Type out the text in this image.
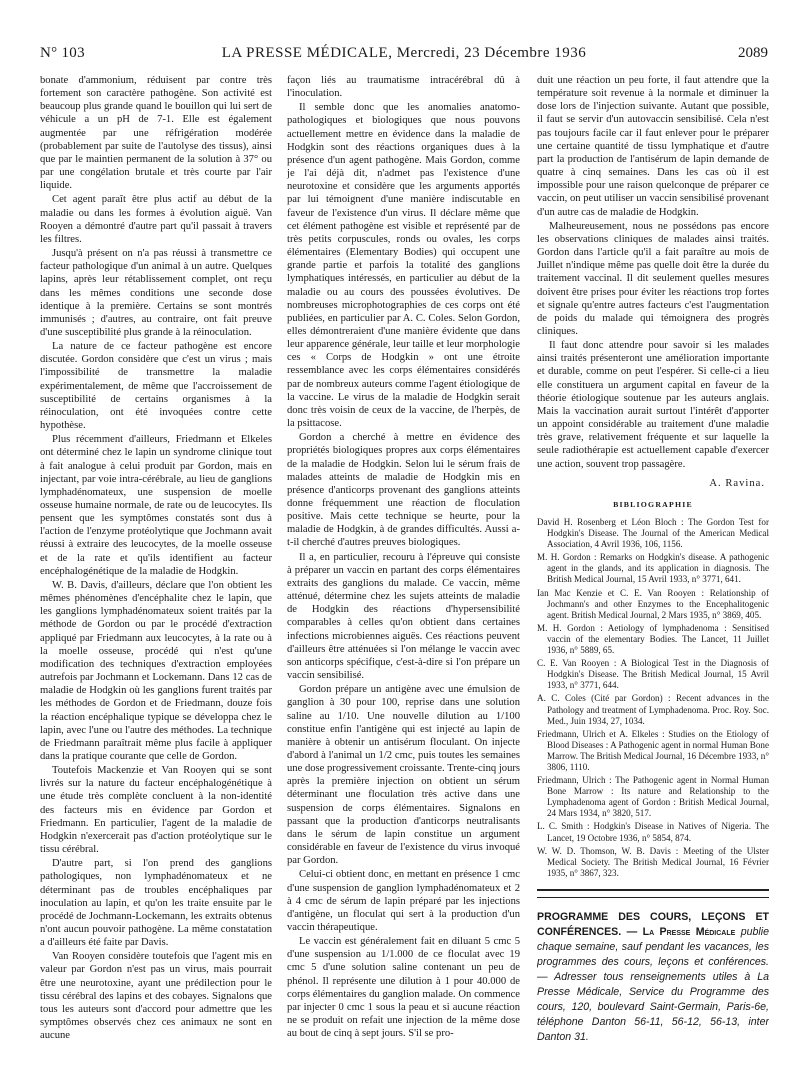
N° 103	LA PRESSE MÉDICALE, Mercredi, 23 Décembre 1936	2089

bonate d'ammonium, réduisent par contre très fortement son caractère pathogène. Son activité est beaucoup plus grande quand le bouillon qui lui sert de véhicule a un pH de 7-1. Elle est également augmentée par une réfrigération modérée (probablement par suite de l'autolyse des tissus), ainsi que par le maintien permanent de la solution à 37° ou par une congélation brutale et très courte par l'air liquide.

Cet agent paraît être plus actif au début de la maladie ou dans les formes à évolution aiguë. Van Rooyen a démontré d'autre part qu'il passait à travers les filtres.

Jusqu'à présent on n'a pas réussi à transmettre ce facteur pathologique d'un animal à un autre. Quelques lapins, après leur rétablissement complet, ont reçu dans les mêmes conditions une seconde dose identique à la première. Certains se sont montrés immunisés ; d'autres, au contraire, ont fait preuve d'une susceptibilité plus grande à la réinoculation.

La nature de ce facteur pathogène est encore discutée. Gordon considère que c'est un virus ; mais l'impossibilité de transmettre la maladie expérimentalement, de même que l'accroissement de susceptibilité de certains organismes à la réinoculation, ont été invoquées contre cette hypothèse.

Plus récemment d'ailleurs, Friedmann et Elkeles ont déterminé chez le lapin un syndrome clinique tout à fait analogue à celui produit par Gordon, mais en injectant, par voie intra-cérébrale, au lieu de ganglions lymphadénomateux, une suspension de moelle osseuse humaine normale, de rate ou de leucocytes. Ils pensent que les symptômes constatés sont dus à l'action de l'enzyme protéolytique que Jochmann avait réussi à extraire des leucocytes, de la moelle osseuse et de la rate et qu'ils identifient au facteur encéphalogénétique de la maladie de Hodgkin.

W. B. Davis, d'ailleurs, déclare que l'on obtient les mêmes phénomènes d'encéphalite chez le lapin, que les ganglions lymphadénomateux soient traités par la méthode de Gordon ou par le procédé d'extraction appliqué par Friedmann aux leucocytes, à la rate ou à la moelle osseuse, procédé qui n'est qu'une modification des techniques d'extraction employées autrefois par Jochmann et Lockemann. Dans 12 cas de maladie de Hodgkin où les ganglions furent traités par les méthodes de Gordon et de Friedmann, douze fois la réaction encéphalique typique se développa chez le lapin, avec l'une ou l'autre des méthodes. La technique de Friedmann paraîtrait même plus facile à appliquer dans la pratique courante que celle de Gordon.

Toutefois Mackenzie et Van Rooyen qui se sont livrés sur la nature du facteur encéphalogénétique à une étude très complète concluent à la non-identité des facteurs mis en évidence par Gordon et Friedmann. En particulier, l'agent de la maladie de Hodgkin n'exercerait pas d'action protéolytique sur le tissu cérébral.

D'autre part, si l'on prend des ganglions pathologiques, non lymphadénomateux et ne déterminant pas de troubles encéphaliques par inoculation au lapin, et qu'on les traite ensuite par le procédé de Jochmann-Lockemann, les extraits obtenus n'ont aucun pouvoir pathogène. La même constatation a d'ailleurs été faite par Davis.

Van Rooyen considère toutefois que l'agent mis en valeur par Gordon n'est pas un virus, mais pourrait être une neurotoxine, ayant une prédilection pour le tissu cérébral des lapins et des cobayes. Signalons que tous les auteurs sont d'accord pour admettre que les symptômes observés chez ces animaux ne sont en aucune

façon liés au traumatisme intracérébral dû à l'inoculation.

Il semble donc que les anomalies anatomo-pathologiques et biologiques que nous pouvons actuellement mettre en évidence dans la maladie de Hodgkin sont des réactions organiques dues à la présence d'un agent pathogène. Mais Gordon, comme je l'ai déjà dit, n'admet pas l'existence d'une neurotoxine et considère que les arguments apportés par lui témoignent d'une manière indiscutable en faveur de l'existence d'un virus. Il déclare même que cet élément pathogène est visible et représenté par de très petits corpuscules, ronds ou ovales, les corps élémentaires (Elementary Bodies) qui occupent une grande partie et parfois la totalité des ganglions lymphatiques intéressés, en particulier au début de la maladie ou au cours des poussées évolutives. De nombreuses microphotographies de ces corps ont été publiées, en particulier par A. C. Coles. Selon Gordon, elles démontreraient d'une manière évidente que dans leur apparence générale, leur taille et leur morphologie ces « Corps de Hodgkin » ont une étroite ressemblance avec les corps élémentaires considérés par de nombreux auteurs comme l'agent étiologique de la vaccine. Le virus de la maladie de Hodgkin serait donc très voisin de ceux de la vaccine, de l'herpès, de la psittacose.

Gordon a cherché à mettre en évidence des propriétés biologiques propres aux corps élémentaires de la maladie de Hodgkin. Selon lui le sérum frais de malades atteints de maladie de Hodgkin mis en présence d'anticorps provenant des ganglions atteints donne fréquemment une réaction de floculation positive. Mais cette technique se heurte, pour la maladie de Hodgkin, à de grandes difficultés. Aussi a-t-il cherché d'autres preuves biologiques.

Il a, en particulier, recouru à l'épreuve qui consiste à préparer un vaccin en partant des corps élémentaires extraits des ganglions du malade. Ce vaccin, même atténué, détermine chez les sujets atteints de maladie de Hodgkin des réactions d'hypersensibilité comparables à celles qu'on obtient dans certaines infections microbiennes aiguës. Ces réactions peuvent d'ailleurs être atténuées si l'on mélange le vaccin avec son anticorps spécifique, c'est-à-dire si l'on prépare un vaccin sensibilisé.

Gordon prépare un antigène avec une émulsion de ganglion à 30 pour 100, reprise dans une solution saline au 1/10. Une nouvelle dilution au 1/100 constitue enfin l'antigène qui est injecté au lapin de manière à obtenir un antisérum floculant. On injecte d'abord à l'animal un 1/2 cmc, puis toutes les semaines une dose progressivement croissante. Trente-cinq jours après la première injection on obtient un sérum déterminant une floculation très active dans une suspension de corps élémentaires. Signalons en passant que la production d'anticorps neutralisants dans le sérum de lapin constitue un argument considérable en faveur de l'existence du virus invoqué par Gordon.

Celui-ci obtient donc, en mettant en présence 1 cmc d'une suspension de ganglion lymphadénomateux et 2 à 4 cmc de sérum de lapin préparé par les injections d'antigène, un floculat qui sert à la production d'un vaccin thérapeutique.

Le vaccin est généralement fait en diluant 5 cmc 5 d'une suspension au 1/1.000 de ce floculat avec 19 cmc 5 d'une solution saline contenant un peu de phénol. Il représente une dilution à 1 pour 40.000 de corps élémentaires du ganglion malade. On commence par injecter 0 cmc 1 sous la peau et si aucune réaction ne se produit on refait une injection de la même dose au bout de cinq à sept jours. S'il se pro-

duit une réaction un peu forte, il faut attendre que la température soit revenue à la normale et diminuer la dose lors de l'injection suivante. Autant que possible, il faut se servir d'un autovaccin sensibilisé. Cela n'est pas toujours facile car il faut enlever pour le préparer une certaine quantité de tissu lymphatique et d'autre part la production de l'antisérum de lapin demande de quatre à cinq semaines. Dans les cas où il est impossible pour une raison quelconque de préparer ce vaccin, on peut utiliser un vaccin sensibilisé provenant d'un autre cas de maladie de Hodgkin.

Malheureusement, nous ne possédons pas encore les observations cliniques de malades ainsi traités. Gordon dans l'article qu'il a fait paraître au mois de Juillet n'indique même pas quelle doit être la durée du traitement vaccinal. Il dit seulement quelles mesures doivent être prises pour éviter les réactions trop fortes et signale qu'entre autres facteurs c'est l'augmentation de poids du malade qui témoignera des progrès cliniques.

Il faut donc attendre pour savoir si les malades ainsi traités présenteront une amélioration importante et durable, comme on peut l'espérer. Si celle-ci a lieu elle constituera un argument capital en faveur de la théorie étiologique soutenue par les auteurs anglais. Mais la vaccination aurait surtout l'intérêt d'apporter un appoint considérable au traitement d'une maladie très grave, relativement fréquente et sur laquelle la seule radiothérapie est actuellement capable d'exercer une action, souvent trop passagère.

A. Ravina.

BIBLIOGRAPHIE
David H. Rosenberg et Léon Bloch : The Gordon Test for Hodgkin's Disease. The Journal of the American Medical Association, 4 Avril 1936, 106, 1156.
M. H. Gordon : Remarks on Hodgkin's disease. A pathogenic agent in the glands, and its application in diagnosis. The British Medical Journal, 15 Avril 1933, n° 3771, 641.
Ian Mac Kenzie et C. E. Van Rooyen : Relationship of Jochmann's and other Enzymes to the Encephalitogenic agent. British Medical Journal, 2 Mars 1935, n° 3869, 405.
M. H. Gordon : Aetiology of lymphadenoma : Sensitised vaccin of the elementary Bodies. The Lancet, 11 Juillet 1936, n° 5889, 65.
C. E. Van Rooyen : A Biological Test in the Diagnosis of Hodgkin's Disease. The British Medical Journal, 15 Avril 1933, n° 3771, 644.
A. C. Coles (Cité par Gordon) : Recent advances in the Pathology and treatment of Lymphadenoma. Proc. Roy. Soc. Med., Juin 1934, 27, 1034.
Friedmann, Ulrich et A. Elkeles : Studies on the Etiology of Blood Diseases : A Pathogenic agent in normal Human Bone Marrow. The British Medical Journal, 16 Décembre 1933, n° 3806, 1110.
Friedmann, Ulrich : The Pathogenic agent in Normal Human Bone Marrow : Its nature and Relationship to the Lymphadenoma agent of Gordon : British Medical Journal, 24 Mars 1934, n° 3820, 517.
L. C. Smith : Hodgkin's Disease in Natives of Nigeria. The Lancet, 19 Octobre 1936, n° 5854, 874.
W. W. D. Thomson, W. B. Davis : Meeting of the Ulster Medical Society. The British Medical Journal, 16 Février 1935, n° 3867, 323.
PROGRAMME DES COURS, LEÇONS ET CONFÉRENCES. — La Presse Médicale publie chaque semaine, sauf pendant les vacances, les programmes des cours, leçons et conférences. — Adresser tous renseignements utiles à La Presse Médicale, Service du Programme des cours, 120, boulevard Saint-Germain, Paris-6e, téléphone Danton 56-11, 56-12, 56-13, inter Danton 31.
